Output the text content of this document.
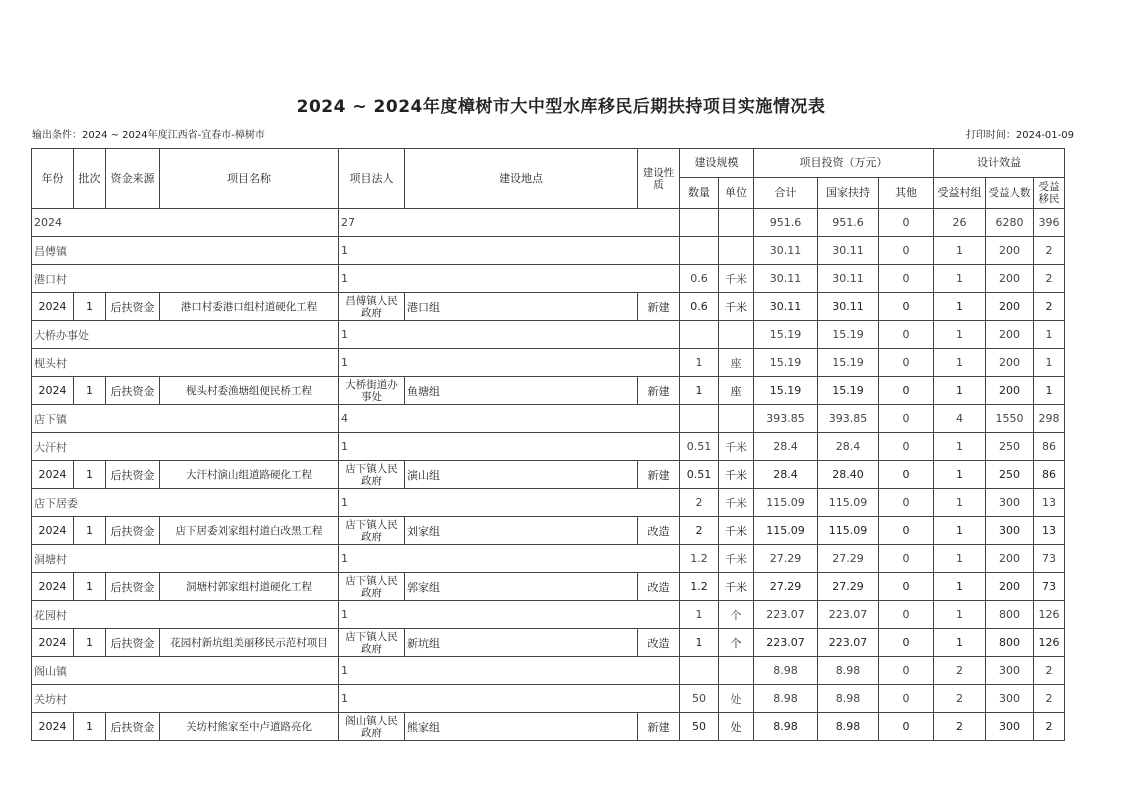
2024 ~ 2024年度樟树市大中型水库移民后期扶持项目实施情况表
输出条件：2024 ~ 2024年度江西省-宜春市-樟树市	打印时间：2024-01-09
年份	批次	资金来源	项目名称	项目法人	建设地点	建设性质	建设规模		项目投资（万元）			设计效益		
							数量	单位	合计	国家扶持	其他	受益村组	受益人数	受益移民
2024				27					951.6	951.6	0	26	6280	396
昌傅镇				1					30.11	30.11	0	1	200	2
港口村				1			0.6	千米	30.11	30.11	0	1	200	2
2024	1	后扶资金	港口村委港口组村道硬化工程	昌傅镇人民政府	港口组	新建	0.6	千米	30.11	30.11	0	1	200	2
大桥办事处				1					15.19	15.19	0	1	200	1
枧头村				1			1	座	15.19	15.19	0	1	200	1
2024	1	后扶资金	枧头村委渔塘组便民桥工程	大桥街道办事处	鱼塘组	新建	1	座	15.19	15.19	0	1	200	1
店下镇				4					393.85	393.85	0	4	1550	298
大汗村				1			0.51	千米	28.4	28.4	0	1	250	86
2024	1	后扶资金	大汗村演山组道路硬化工程	店下镇人民政府	演山组	新建	0.51	千米	28.4	28.40	0	1	250	86
店下居委				1			2	千米	115.09	115.09	0	1	300	13
2024	1	后扶资金	店下居委刘家组村道白改黑工程	店下镇人民政府	刘家组	改造	2	千米	115.09	115.09	0	1	300	13
洞塘村				1			1.2	千米	27.29	27.29	0	1	200	73
2024	1	后扶资金	洞塘村郭家组村道硬化工程	店下镇人民政府	郭家组	改造	1.2	千米	27.29	27.29	0	1	200	73
花园村				1			1	个	223.07	223.07	0	1	800	126
2024	1	后扶资金	花园村新坑组美丽移民示范村项目	店下镇人民政府	新坑组	改造	1	个	223.07	223.07	0	1	800	126
阁山镇				1					8.98	8.98	0	2	300	2
关坊村				1			50	处	8.98	8.98	0	2	300	2
2024	1	后扶资金	关坊村熊家至中卢道路亮化	阁山镇人民政府	熊家组	新建	50	处	8.98	8.98	0	2	300	2
